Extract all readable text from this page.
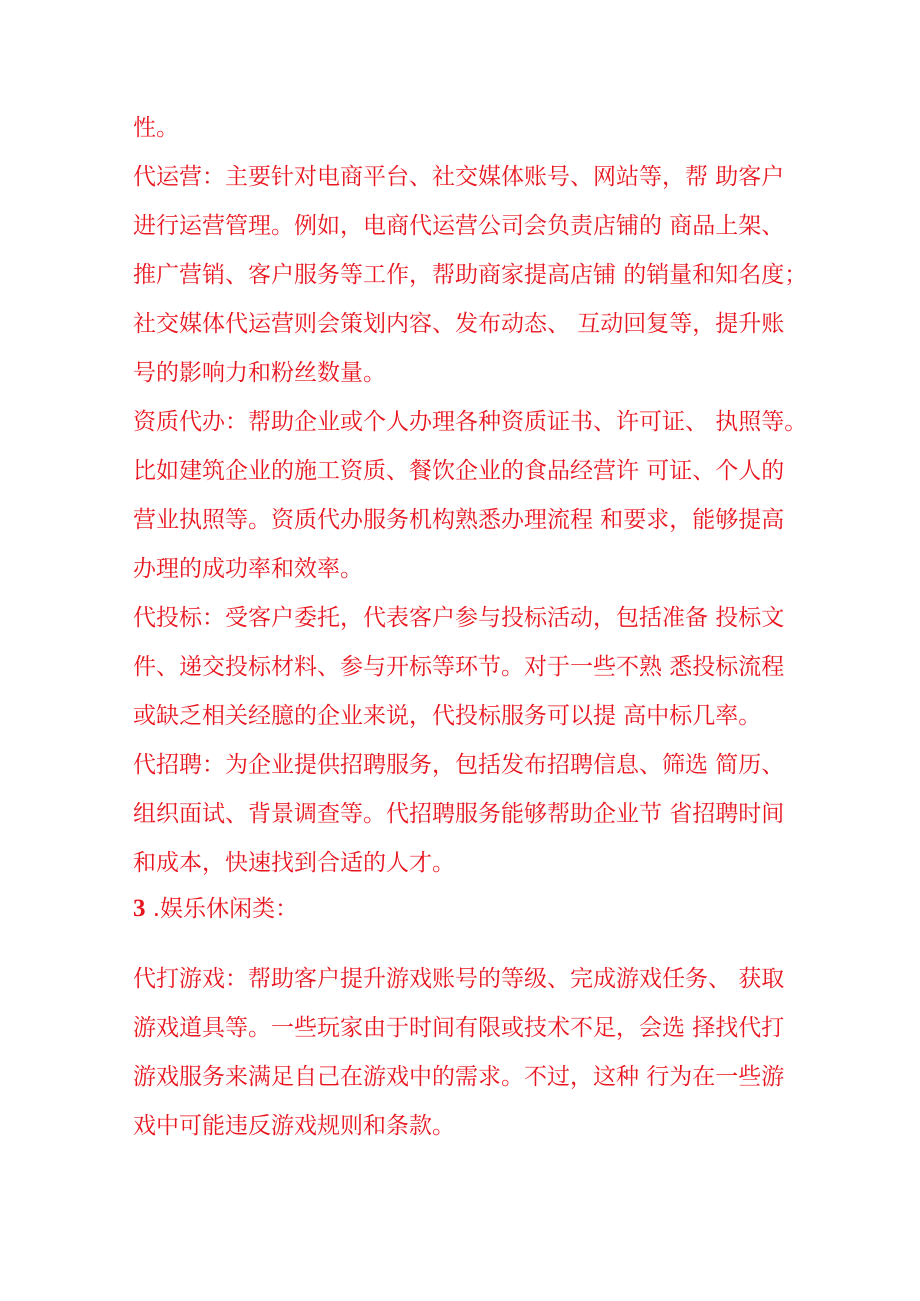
性。
代运营：主要针对电商平台、社交媒体账号、网站等，帮 助客户
进行运营管理。例如，电商代运营公司会负责店铺的 商品上架、
推广营销、客户服务等工作，帮助商家提高店铺 的销量和知名度；
社交媒体代运营则会策划内容、发布动态、 互动回复等，提升账
号的影响力和粉丝数量。
资质代办：帮助企业或个人办理各种资质证书、许可证、 执照等。
比如建筑企业的施工资质、餐饮企业的食品经营许 可证、个人的
营业执照等。资质代办服务机构熟悉办理流程 和要求，能够提高
办理的成功率和效率。
代投标：受客户委托，代表客户参与投标活动，包括准备 投标文
件、递交投标材料、参与开标等环节。对于一些不熟 悉投标流程
或缺乏相关经臆的企业来说，代投标服务可以提 高中标几率。
代招聘：为企业提供招聘服务，包括发布招聘信息、筛选 简历、
组织面试、背景调查等。代招聘服务能够帮助企业节 省招聘时间
和成本，快速找到合适的人才。
3 .娱乐休闲类：
代打游戏：帮助客户提升游戏账号的等级、完成游戏任务、 获取
游戏道具等。一些玩家由于时间有限或技术不足，会选 择找代打
游戏服务来满足自己在游戏中的需求。不过，这种 行为在一些游
戏中可能违反游戏规则和条款。
